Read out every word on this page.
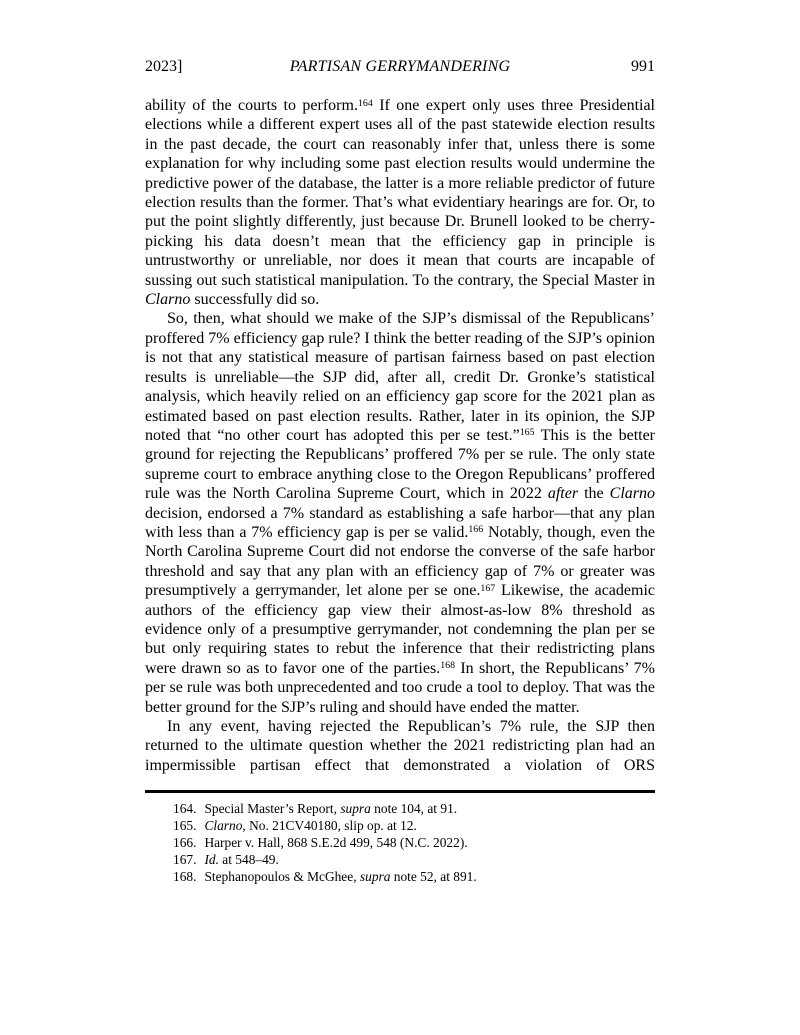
2023]	PARTISAN GERRYMANDERING	991

ability of the courts to perform.$^{164}$ If one expert only uses three Presidential elections while a different expert uses all of the past statewide election results in the past decade, the court can reasonably infer that, unless there is some explanation for why including some past election results would undermine the predictive power of the database, the latter is a more reliable predictor of future election results than the former. That’s what evidentiary hearings are for. Or, to put the point slightly differently, just because Dr. Brunell looked to be cherry-picking his data doesn’t mean that the efficiency gap in principle is untrustworthy or unreliable, nor does it mean that courts are incapable of sussing out such statistical manipulation. To the contrary, the Special Master in Clarno successfully did so.

So, then, what should we make of the SJP’s dismissal of the Republicans’ proffered 7% efficiency gap rule? I think the better reading of the SJP’s opinion is not that any statistical measure of partisan fairness based on past election results is unreliable—the SJP did, after all, credit Dr. Gronke’s statistical analysis, which heavily relied on an efficiency gap score for the 2021 plan as estimated based on past election results. Rather, later in its opinion, the SJP noted that “no other court has adopted this per se test.”$^{165}$ This is the better ground for rejecting the Republicans’ proffered 7% per se rule. The only state supreme court to embrace anything close to the Oregon Republicans’ proffered rule was the North Carolina Supreme Court, which in 2022 after the Clarno decision, endorsed a 7% standard as establishing a safe harbor—that any plan with less than a 7% efficiency gap is per se valid.$^{166}$ Notably, though, even the North Carolina Supreme Court did not endorse the converse of the safe harbor threshold and say that any plan with an efficiency gap of 7% or greater was presumptively a gerrymander, let alone per se one.$^{167}$ Likewise, the academic authors of the efficiency gap view their almost-as-low 8% threshold as evidence only of a presumptive gerrymander, not condemning the plan per se but only requiring states to rebut the inference that their redistricting plans were drawn so as to favor one of the parties.$^{168}$ In short, the Republicans’ 7% per se rule was both unprecedented and too crude a tool to deploy. That was the better ground for the SJP’s ruling and should have ended the matter.

In any event, having rejected the Republican’s 7% rule, the SJP then returned to the ultimate question whether the 2021 redistricting plan had an impermissible partisan effect that demonstrated a violation of ORS

164. Special Master’s Report, supra note 104, at 91.

165. Clarno, No. 21CV40180, slip op. at 12.

166. Harper v. Hall, 868 S.E.2d 499, 548 (N.C. 2022).

167. Id. at 548–49.

168. Stephanopoulos & McGhee, supra note 52, at 891.
